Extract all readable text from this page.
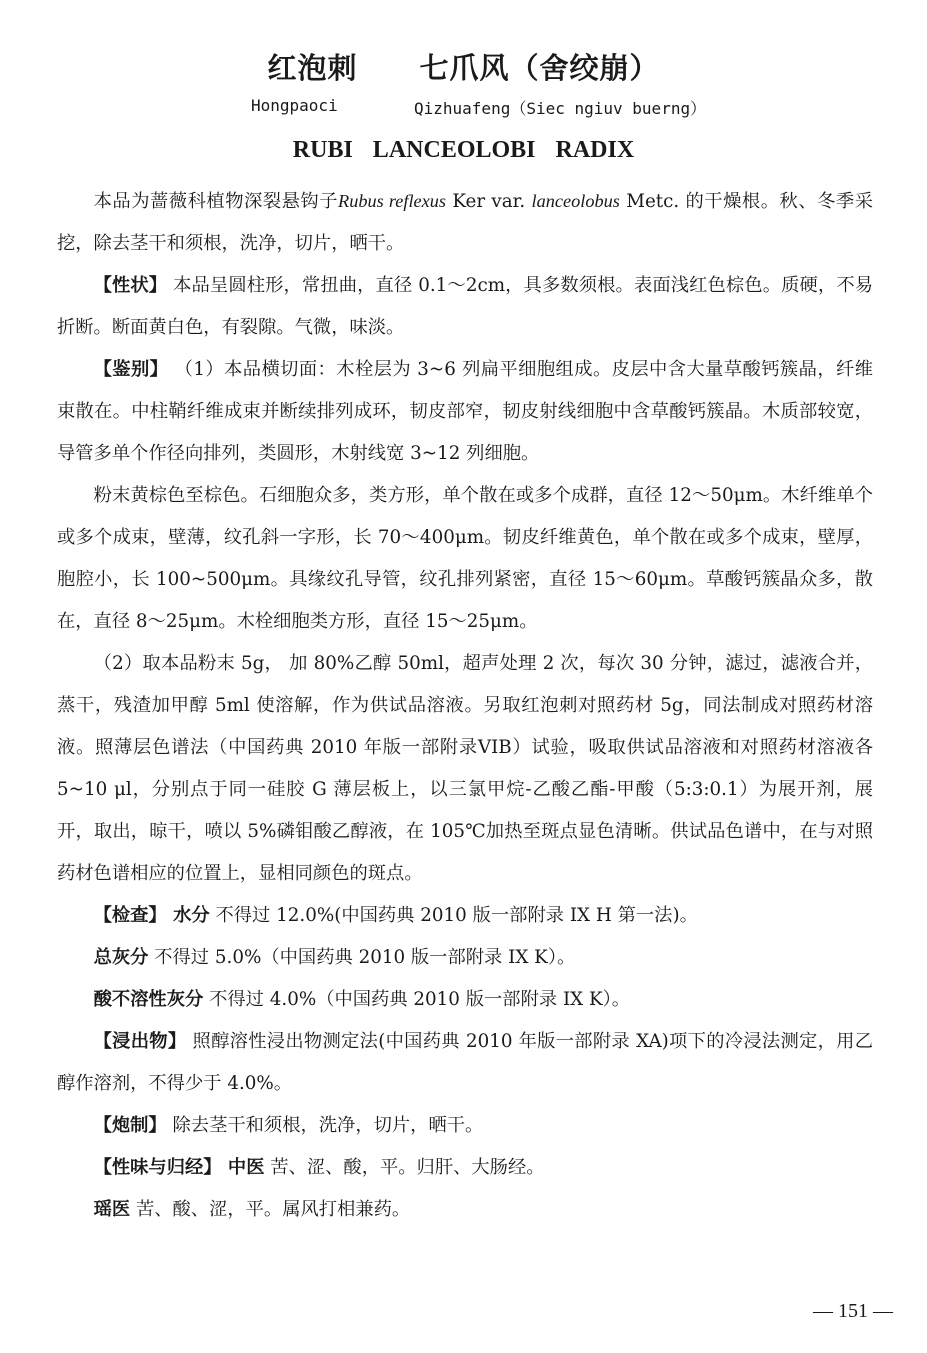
红泡刺 七爪风（舍绞崩）
Hongpaoci	Qizhuafeng（Siec ngiuv buerng）
RUBI LANCEOLOBI RADIX

本品为蔷薇科植物深裂悬钩子Rubus reflexus Ker var. lanceolobus Metc. 的干燥根。秋、冬季采挖，除去茎干和须根，洗净，切片，晒干。

【性状】 本品呈圆柱形，常扭曲，直径 0.1～2cm，具多数须根。表面浅红色棕色。质硬，不易折断。断面黄白色，有裂隙。气微，味淡。

【鉴别】 （1）本品横切面：木栓层为 3~6 列扁平细胞组成。皮层中含大量草酸钙簇晶，纤维束散在。中柱鞘纤维成束并断续排列成环，韧皮部窄，韧皮射线细胞中含草酸钙簇晶。木质部较宽，导管多单个作径向排列，类圆形，木射线宽 3~12 列细胞。

粉末黄棕色至棕色。石细胞众多，类方形，单个散在或多个成群，直径 12～50μm。木纤维单个或多个成束，壁薄，纹孔斜一字形，长 70～400μm。韧皮纤维黄色，单个散在或多个成束，壁厚，胞腔小，长 100~500μm。具缘纹孔导管，纹孔排列紧密，直径 15～60μm。草酸钙簇晶众多，散在，直径 8～25μm。木栓细胞类方形，直径 15～25μm。

（2）取本品粉末 5g， 加 80%乙醇 50ml，超声处理 2 次，每次 30 分钟，滤过，滤液合并，蒸干，残渣加甲醇 5ml 使溶解，作为供试品溶液。另取红泡刺对照药材 5g，同法制成对照药材溶液。照薄层色谱法（中国药典 2010 年版一部附录VIB）试验，吸取供试品溶液和对照药材溶液各 5~10 μl，分别点于同一硅胶 G 薄层板上，以三氯甲烷-乙酸乙酯-甲酸（5:3:0.1）为展开剂，展开，取出，晾干，喷以 5%磷钼酸乙醇液，在 105℃加热至斑点显色清晰。供试品色谱中，在与对照药材色谱相应的位置上，显相同颜色的斑点。

【检查】 水分 不得过 12.0%(中国药典 2010 版一部附录 IX H 第一法)。

总灰分 不得过 5.0%（中国药典 2010 版一部附录 IX K）。

酸不溶性灰分 不得过 4.0%（中国药典 2010 版一部附录 IX K）。

【浸出物】 照醇溶性浸出物测定法(中国药典 2010 年版一部附录 XA)项下的冷浸法测定，用乙醇作溶剂，不得少于 4.0%。

【炮制】 除去茎干和须根，洗净，切片，晒干。

【性味与归经】 中医 苦、涩、酸，平。归肝、大肠经。

瑶医 苦、酸、涩，平。属风打相兼药。

— 151 —
